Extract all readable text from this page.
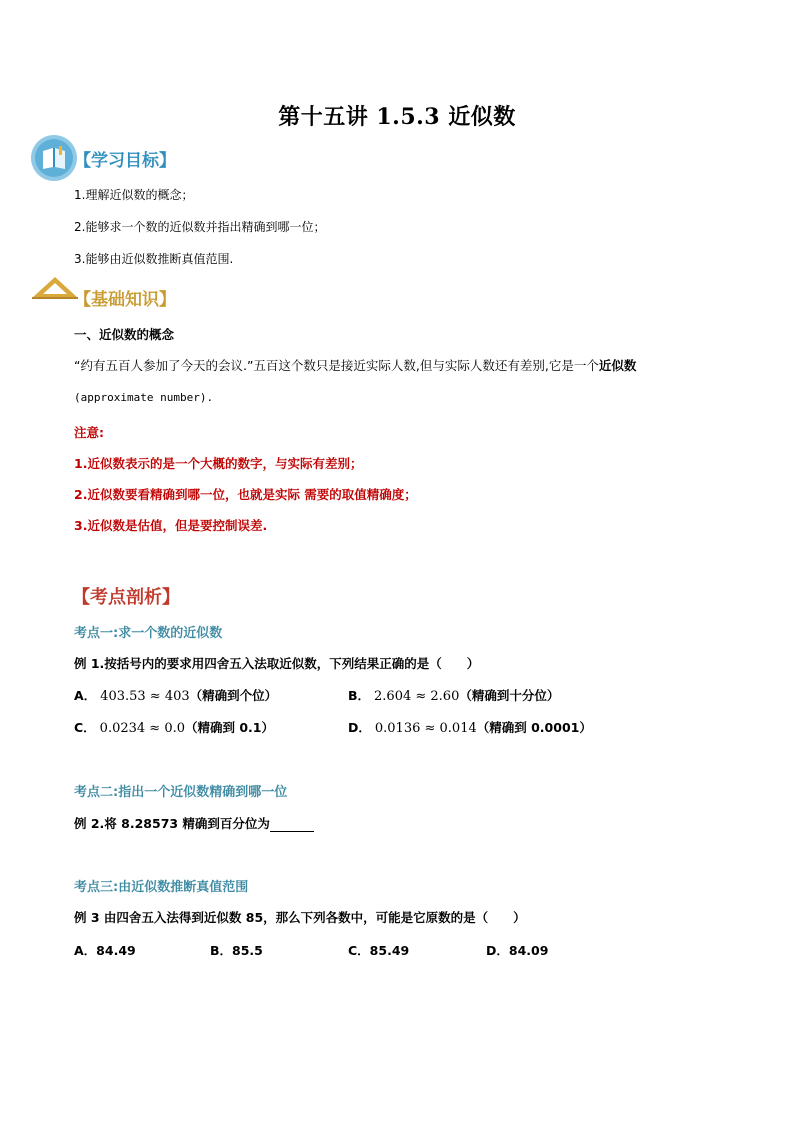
第十五讲 1.5.3 近似数
【学习目标】
1.理解近似数的概念；
2.能够求一个数的近似数并指出精确到哪一位；
3.能够由近似数推断真值范围.
【基础知识】
一、近似数的概念
“约有五百人参加了今天的会议.”五百这个数只是接近实际人数,但与实际人数还有差别,它是一个近似数
(approximate number).
注意:
1.近似数表示的是一个大概的数字，与实际有差别；
2.近似数要看精确到哪一位，也就是实际 需要的取值精确度；
3.近似数是估值，但是要控制误差.
【考点剖析】
考点一:求一个数的近似数
例 1.按括号内的要求用四舍五入法取近似数，下列结果正确的是（　　）
A． 403.53 ≈ 403（精确到个位）	B． 2.604 ≈ 2.60（精确到十分位）
C． 0.0234 ≈ 0.0（精确到 0.1）	D． 0.0136 ≈ 0.014（精确到 0.0001）
考点二:指出一个近似数精确到哪一位
例 2.将 8.28573 精确到百分位为
考点三:由近似数推断真值范围
例 3 由四舍五入法得到近似数 85，那么下列各数中，可能是它原数的是（　　）
A．84.49	B．85.5	C．85.49	D．84.09
